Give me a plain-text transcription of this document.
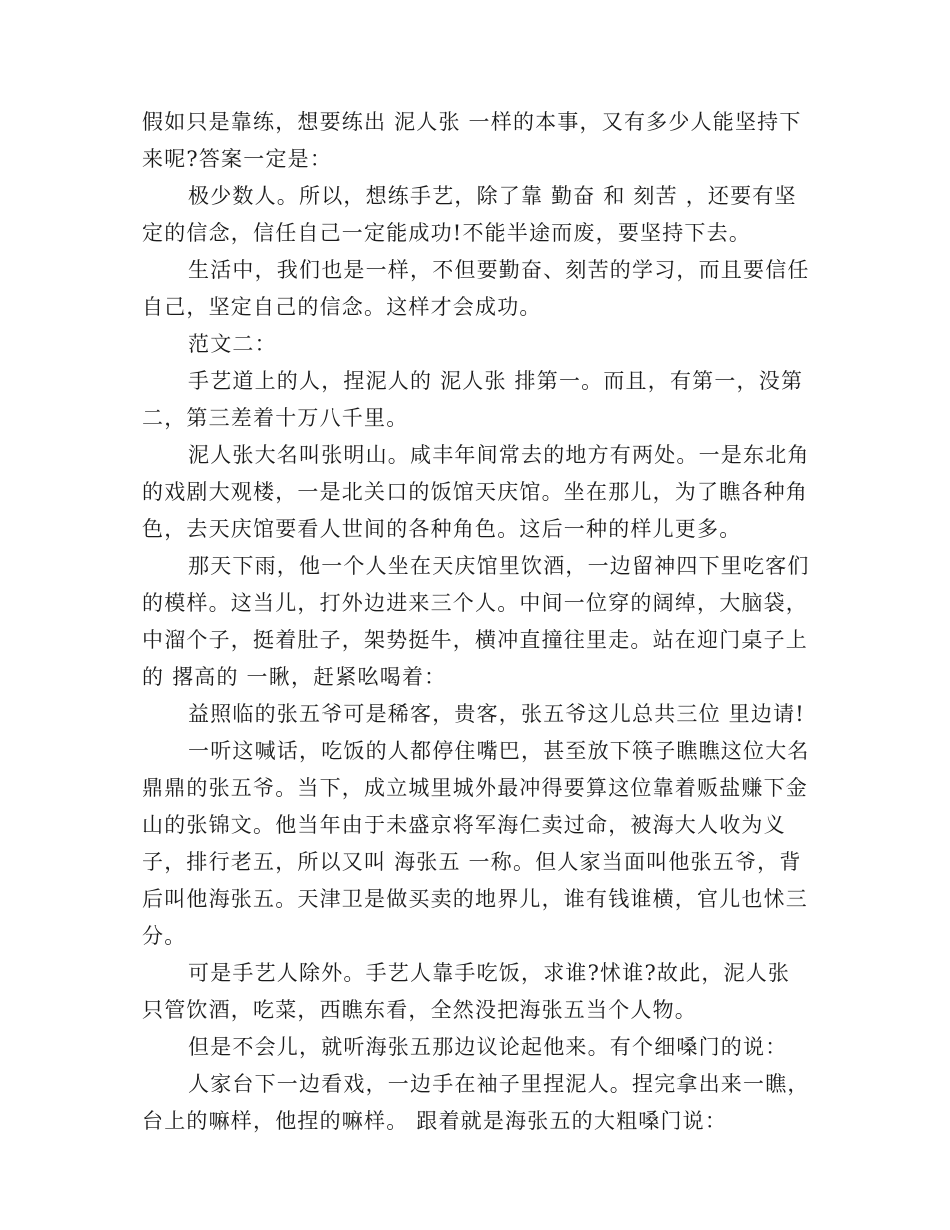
假如只是靠练，想要练出 泥人张 一样的本事，又有多少人能坚持下来呢?答案一定是：

极少数人。所以，想练手艺，除了靠 勤奋 和 刻苦 ，还要有坚定的信念，信任自己一定能成功!不能半途而废，要坚持下去。

生活中，我们也是一样，不但要勤奋、刻苦的学习，而且要信任自己，坚定自己的信念。这样才会成功。

范文二：

手艺道上的人，捏泥人的 泥人张 排第一。而且，有第一，没第二，第三差着十万八千里。

泥人张大名叫张明山。咸丰年间常去的地方有两处。一是东北角的戏剧大观楼，一是北关口的饭馆天庆馆。坐在那儿，为了瞧各种角色，去天庆馆要看人世间的各种角色。这后一种的样儿更多。

那天下雨，他一个人坐在天庆馆里饮酒，一边留神四下里吃客们的模样。这当儿，打外边进来三个人。中间一位穿的阔绰，大脑袋，中溜个子，挺着肚子，架势挺牛，横冲直撞往里走。站在迎门桌子上的 撂高的 一瞅，赶紧吆喝着：

益照临的张五爷可是稀客，贵客，张五爷这儿总共三位 里边请!

一听这喊话，吃饭的人都停住嘴巴，甚至放下筷子瞧瞧这位大名鼎鼎的张五爷。当下，成立城里城外最冲得要算这位靠着贩盐赚下金山的张锦文。他当年由于未盛京将军海仁卖过命，被海大人收为义子，排行老五，所以又叫 海张五 一称。但人家当面叫他张五爷，背后叫他海张五。天津卫是做买卖的地界儿，谁有钱谁横，官儿也怵三分。

可是手艺人除外。手艺人靠手吃饭，求谁?怵谁?故此，泥人张只管饮酒，吃菜，西瞧东看，全然没把海张五当个人物。

但是不会儿，就听海张五那边议论起他来。有个细嗓门的说：

人家台下一边看戏，一边手在袖子里捏泥人。捏完拿出来一瞧，台上的嘛样，他捏的嘛样。 跟着就是海张五的大粗嗓门说：
